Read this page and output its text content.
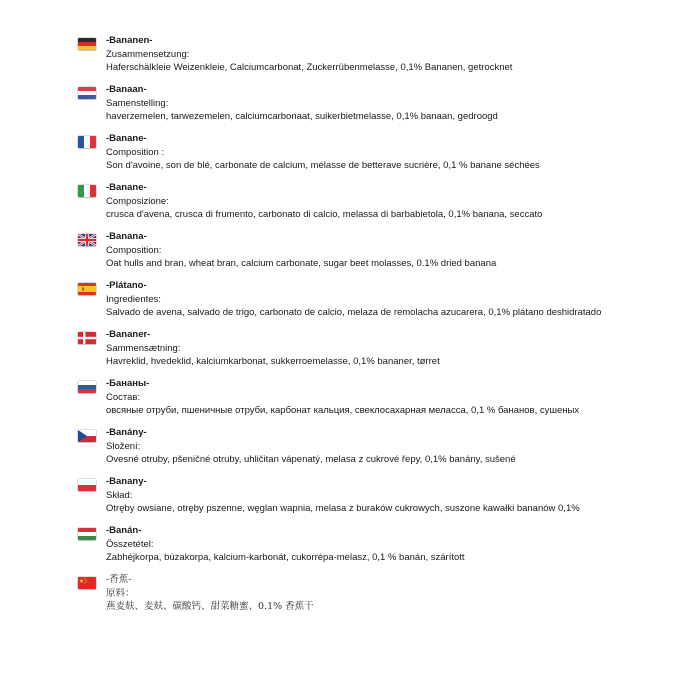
-Bananen-
Zusammensetzung:
Haferschälkleie Weizenkleie, Calciumcarbonat, Zuckerrübenmelasse, 0,1% Bananen, getrocknet
-Banaan-
Samenstelling:
haverzemelen, tarwezemelen, calciumcarbonaat, suikerbietmelasse, 0,1% banaan, gedroogd
-Banane-
Composition :
Son d'avoine, son de blé, carbonate de calcium, mélasse de betterave sucrière, 0,1 % banane séchées
-Banane-
Composizione:
crusca d'avena, crusca di frumento, carbonato di calcio, melassa di barbabietola, 0,1% banana, seccato
-Banana-
Composition:
Oat hulls and bran, wheat bran, calcium carbonate, sugar beet molasses, 0.1% dried banana
-Plátano-
Ingredientes:
Salvado de avena, salvado de trigo, carbonato de calcio, melaza de remolacha azucarera, 0,1% plátano deshidratado
-Bananer-
Sammensætning:
Havreklid, hvedeklid, kalciumkarbonat, sukkerroemelasse, 0,1% bananer, tørret
-Бананы-
Состав:
овсяные отруби, пшеничные отруби, карбонат кальция, свеклосахарная меласса, 0,1 % бананов, сушеных
-Banány-
Složení:
Ovesné otruby, pšeničné otruby, uhličitan vápenatý, melasa z cukrové řepy, 0,1% banány, sušené
-Banany-
Skład:
Otręby owsiane, otręby pszenne, węglan wapnia, melasa z buraków cukrowych, suszone kawałki bananów 0,1%
-Banán-
Összetétel:
Zabhéjkorpa, búzakorpa, kalcium-karbonát, cukorrépa-melasz, 0,1 % banán, szárított
-香蕉-
原料：
燕麦麸、麦麸、碳酸钙、甜菜糖蜜、0.1% 香蕉干
